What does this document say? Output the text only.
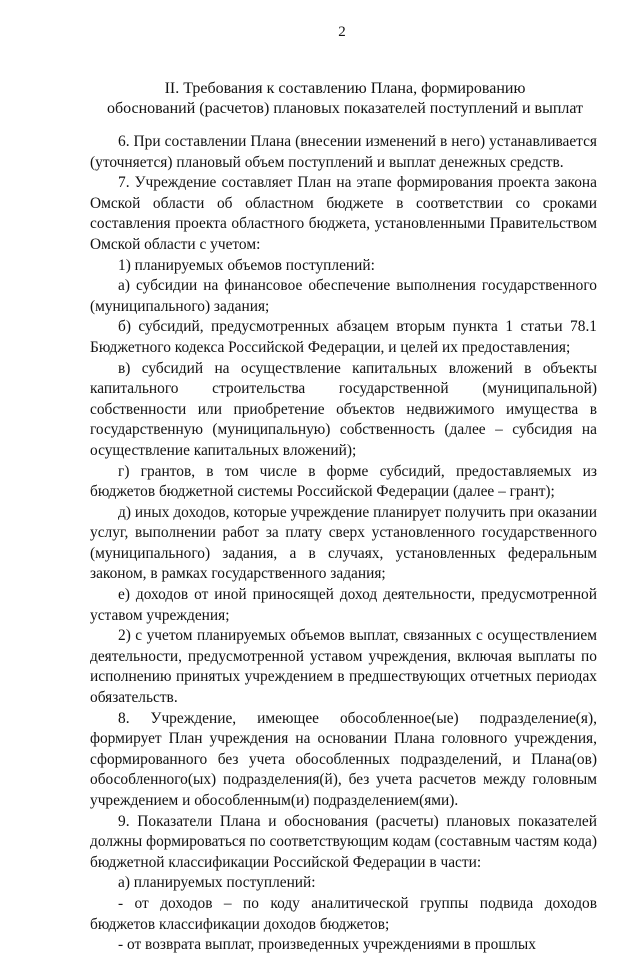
2
II. Требования к составлению Плана, формированию
обоснований (расчетов) плановых показателей поступлений и выплат

6. При составлении Плана (внесении изменений в него) устанавливается (уточняется) плановый объем поступлений и выплат денежных средств.

7. Учреждение составляет План на этапе формирования проекта закона Омской области об областном бюджете в соответствии со сроками составления проекта областного бюджета, установленными Правительством Омской области с учетом:

1) планируемых объемов поступлений:

а) субсидии на финансовое обеспечение выполнения государственного (муниципального) задания;

б) субсидий, предусмотренных абзацем вторым пункта 1 статьи 78.1 Бюджетного кодекса Российской Федерации, и целей их предоставления;

в) субсидий на осуществление капитальных вложений в объекты капитального строительства государственной (муниципальной) собственности или приобретение объектов недвижимого имущества в государственную (муниципальную) собственность (далее – субсидия на осуществление капитальных вложений);

г) грантов, в том числе в форме субсидий, предоставляемых из бюджетов бюджетной системы Российской Федерации (далее – грант);

д) иных доходов, которые учреждение планирует получить при оказании услуг, выполнении работ за плату сверх установленного государственного (муниципального) задания, а в случаях, установленных федеральным законом, в рамках государственного задания;

е) доходов от иной приносящей доход деятельности, предусмотренной уставом учреждения;

2) с учетом планируемых объемов выплат, связанных с осуществлением деятельности, предусмотренной уставом учреждения, включая выплаты по исполнению принятых учреждением в предшествующих отчетных периодах обязательств.

8. Учреждение, имеющее обособленное(ые) подразделение(я), формирует План учреждения на основании Плана головного учреждения, сформированного без учета обособленных подразделений, и Плана(ов) обособленного(ых) подразделения(й), без учета расчетов между головным учреждением и обособленным(и) подразделением(ями).

9. Показатели Плана и обоснования (расчеты) плановых показателей должны формироваться по соответствующим кодам (составным частям кода) бюджетной классификации Российской Федерации в части:

а) планируемых поступлений:

- от доходов – по коду аналитической группы подвида доходов бюджетов классификации доходов бюджетов;

- от возврата выплат, произведенных учреждениями в прошлых
